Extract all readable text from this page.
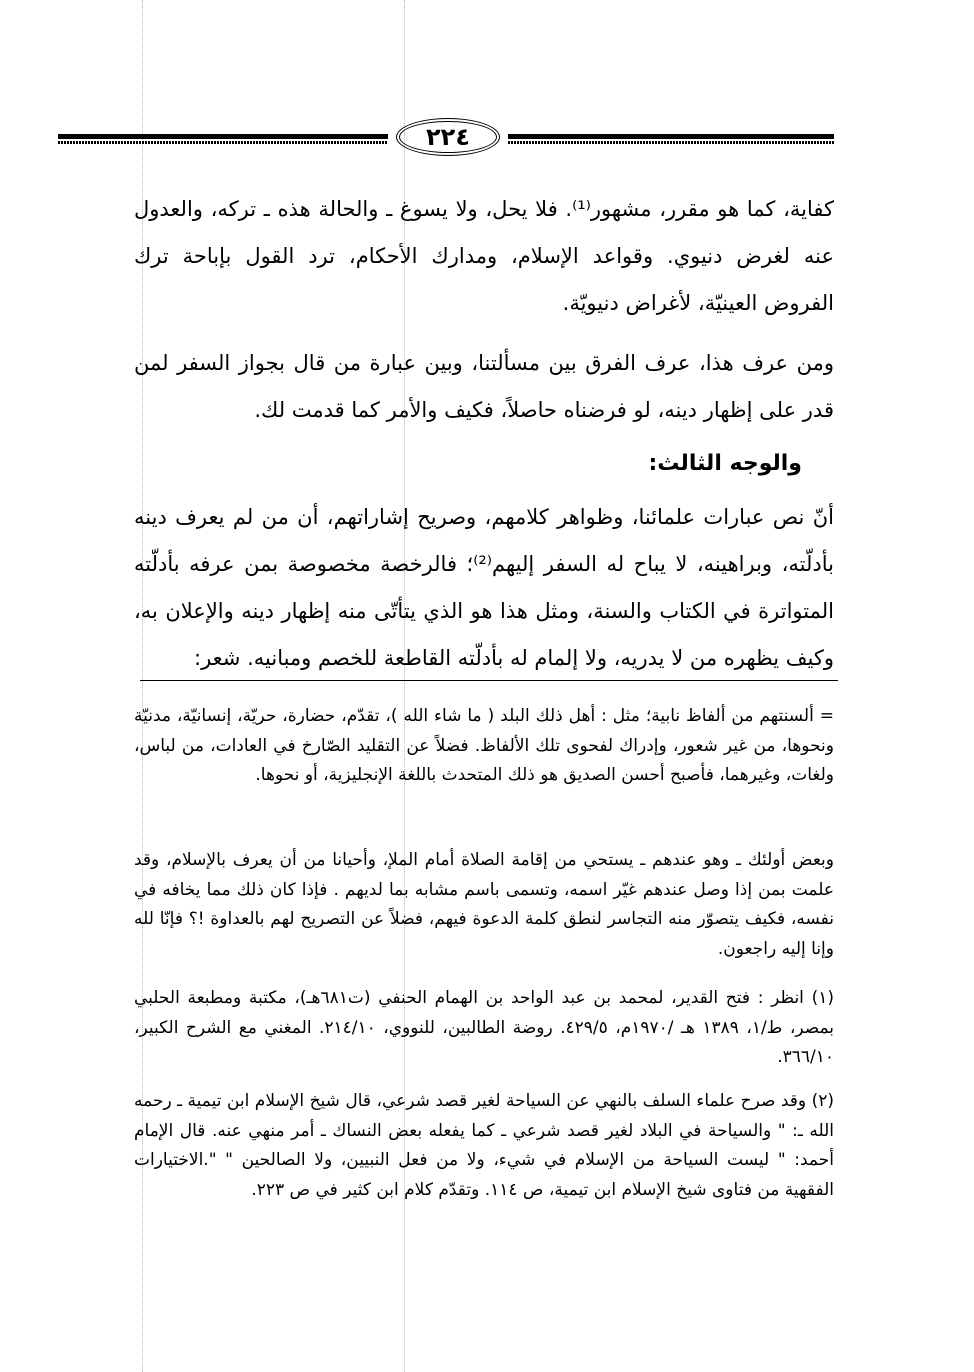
٢٢٤
كفاية، كما هو مقرر، مشهور⁽¹⁾. فلا يحل، ولا يسوغ ـ والحالة هذه ـ تركه، والعدول عنه لغرض دنيوي. وقواعد الإسلام، ومدارك الأحكام، ترد القول بإباحة ترك الفروض العينيّة، لأغراض دنيويّة.
ومن عرف هذا، عرف الفرق بين مسألتنا، وبين عبارة من قال بجواز السفر لمن قدر على إظهار دينه، لو فرضناه حاصلاً، فكيف والأمر كما قدمت لك.
والوجه الثالث:
أنّ نص عبارات علمائنا، وظواهر كلامهم، وصريح إشاراتهم، أن من لم يعرف دينه بأدلّته، وبراهينه، لا يباح له السفر إليهم⁽²⁾؛ فالرخصة مخصوصة بمن عرفه بأدلّته المتواترة في الكتاب والسنة، ومثل هذا هو الذي يتأتّى منه إظهار دينه والإعلان به، وكيف يظهره من لا يدريه، ولا إلمام له بأدلّته القاطعة للخصم ومبانيه. شعر:
= ألسنتهم من ألفاظ نابية؛ مثل : أهل ذلك البلد ( ما شاء الله )، تقدّم، حضارة، حريّة، إنسانيّة، مدنيّة ونحوها، من غير شعور، وإدراك لفحوى تلك الألفاظ. فضلاً عن التقليد الصّارخ في العادات، من لباس، ولغات، وغيرهما، فأصبح أحسن الصديق هو ذلك المتحدث باللغة الإنجليزية، أو نحوها.
وبعض أولئك ـ وهو عندهم ـ يستحي من إقامة الصلاة أمام الملإ، وأحيانا من أن يعرف بالإسلام، وقد علمت بمن إذا وصل عندهم غيّر اسمه، وتسمى باسم مشابه بما لديهم . فإذا كان ذلك مما يخافه في نفسه، فكيف يتصوّر منه التجاسر لنطق كلمة الدعوة فيهم، فضلاً عن التصريح لهم بالعداوة !؟ فإنّا لله وإنا إليه راجعون.
(١) انظر : فتح القدير، لمحمد بن عبد الواحد بن الهمام الحنفي (ت٦٨١هـ)، مكتبة ومطبعة الحلبي بمصر، ط/١، ١٣٨٩ هـ /١٩٧٠م، ٤٢٩/٥. روضة الطالبين، للنووي، ٢١٤/١٠. المغني مع الشرح الكبير، ٣٦٦/١٠.
(٢) وقد صرح علماء السلف بالنهي عن السياحة لغير قصد شرعي، قال شيخ الإسلام ابن تيمية ـ رحمه الله ـ: " والسياحة في البلاد لغير قصد شرعي ـ كما يفعله بعض النساك ـ أمر منهي عنه. قال الإمام أحمد: " ليست السياحة من الإسلام في شيء، ولا من فعل النبيين، ولا الصالحين " ".الاختيارات الفقهية من فتاوى شيخ الإسلام ابن تيمية، ص ١١٤. وتقدّم كلام ابن كثير في ص ٢٢٣.
